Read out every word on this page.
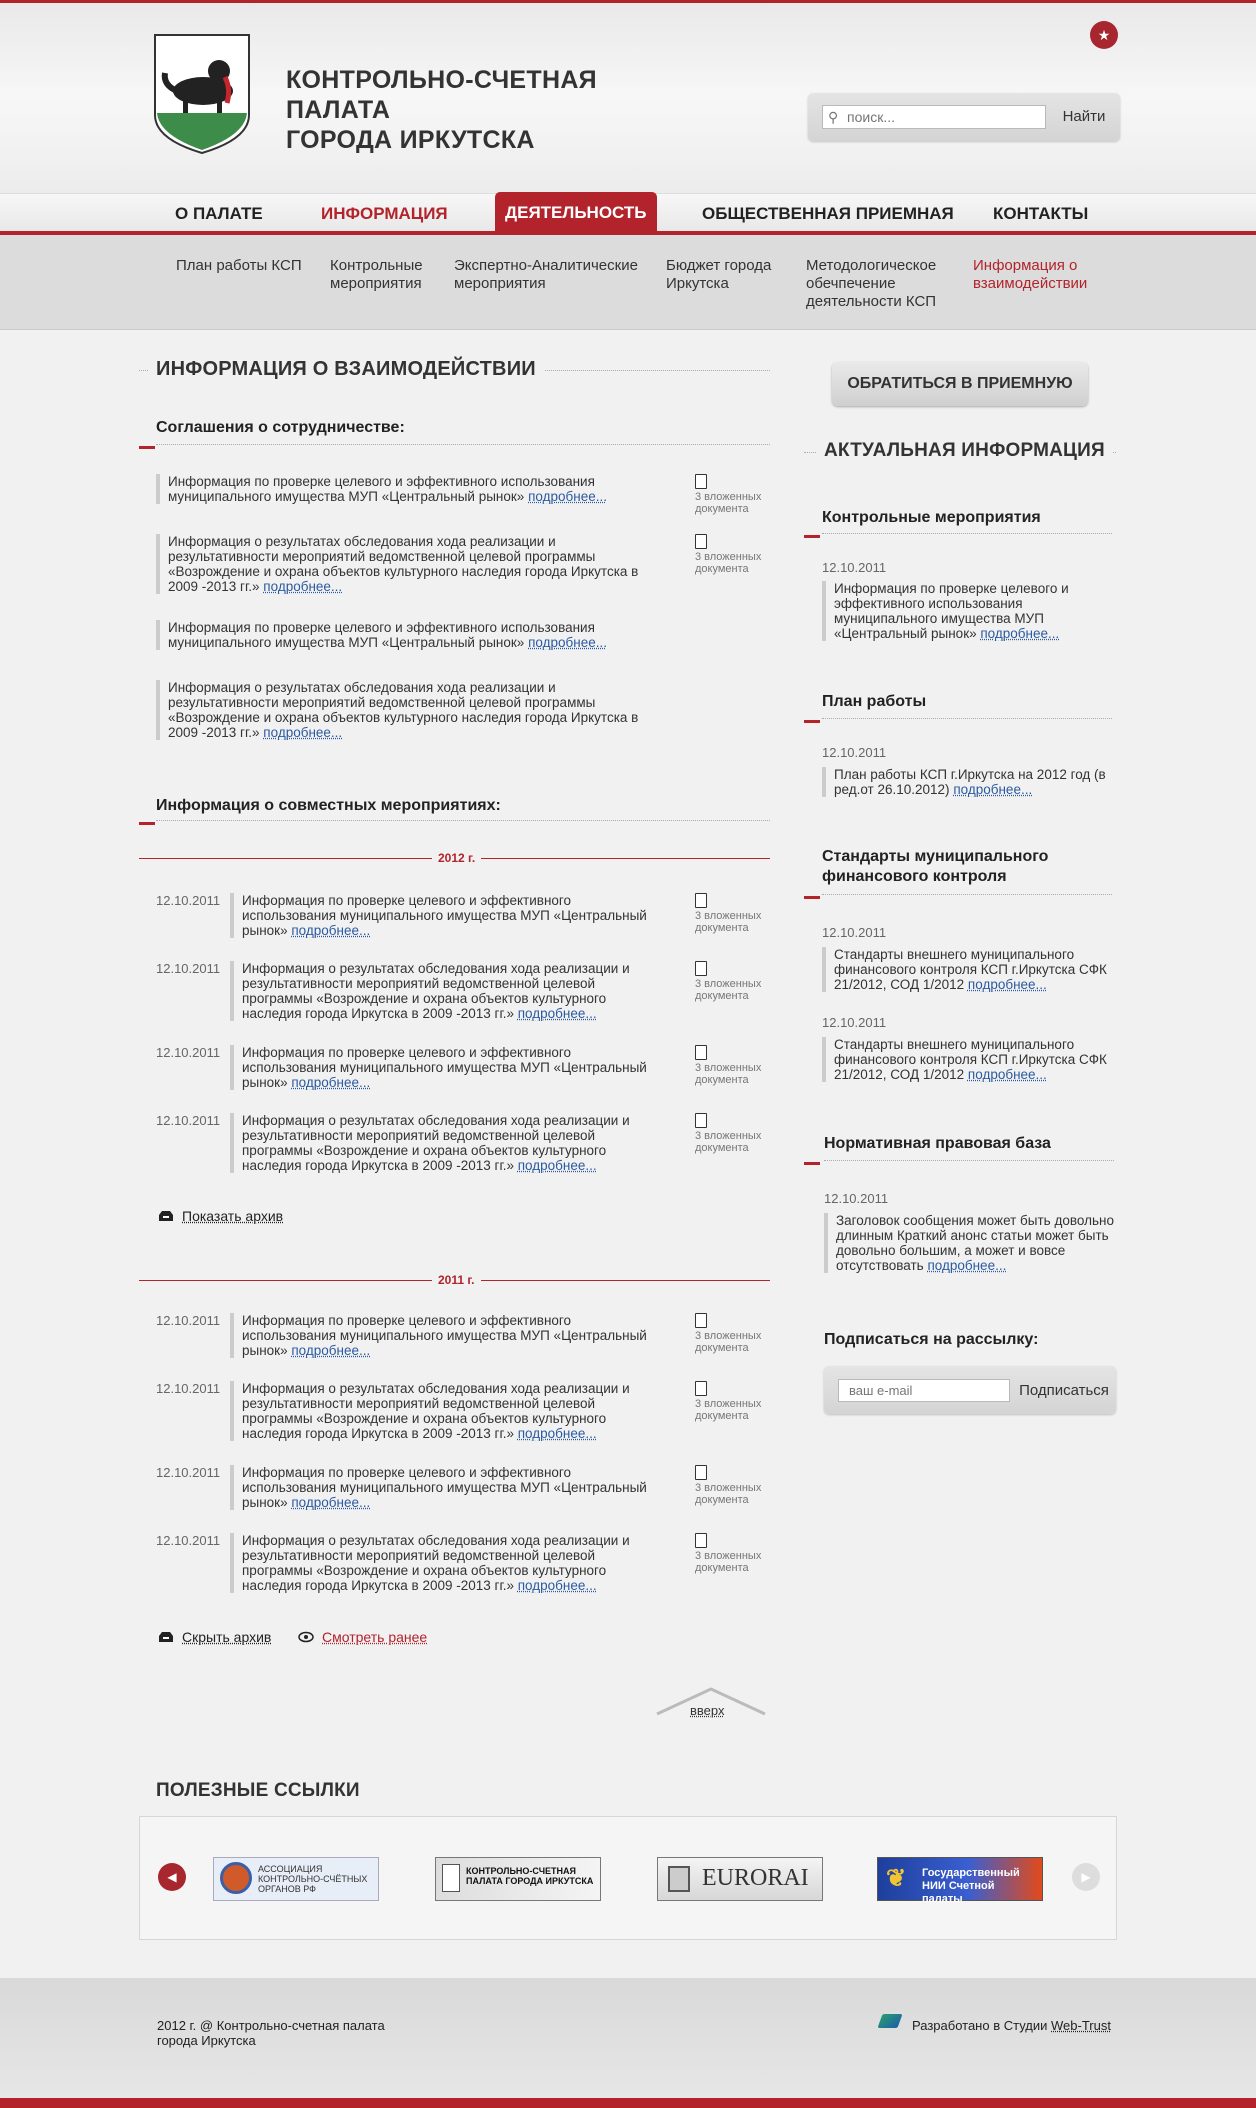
КОНТРОЛЬНО-СЧЕТНАЯ ПАЛАТА
ГОРОДА ИРКУТСКА
★
поиск...
⚲	Найти
О ПАЛАТЕ	ИНФОРМАЦИЯ	ДЕЯТЕЛЬНОСТЬ	ОБЩЕСТВЕННАЯ ПРИЕМНАЯ КОНТАКТЫ
План работы КСП Контрольные мероприятия
Экспертно-Аналитические мероприятия
Бюджет города Иркутска
Методологическое обечпечение деятельности КСП
Информация о взаимодействии
ИНФОРМАЦИЯ О ВЗАИМОДЕЙСТВИИ
Соглашения о сотрудничестве:
Информация по проверке целевого и эффективного использования муниципального имущества МУП «Центральный рынок» подробнее...	3 вложенных документа
Информация о результатах обследования хода реализации и результативности мероприятий ведомственной целевой программы «Возрождение и охрана объектов культурного наследия города Иркутска в 2009 -2013 гг.» подробнее...
3 вложенных документа
Информация по проверке целевого и эффективного использования муниципального имущества МУП «Центральный рынок» подробнее...
Информация о результатах обследования хода реализации и результативности мероприятий ведомственной целевой программы «Возрождение и охрана объектов культурного наследия города Иркутска в 2009 -2013 гг.» подробнее...
Информация о совместных мероприятиях:
2012 г.
12.10.2011	Информация по проверке целевого и эффективного использования муниципального имущества МУП «Центральный рынок» подробнее...
3 вложенных документа
12.10.2011	Информация о результатах обследования хода реализации и результативности мероприятий ведомственной целевой программы «Возрождение и охрана объектов культурного наследия города Иркутска в 2009 -2013 гг.» подробнее...
3 вложенных документа
12.10.2011	Информация по проверке целевого и эффективного использования муниципального имущества МУП «Центральный рынок» подробнее...
3 вложенных документа
12.10.2011	Информация о результатах обследования хода реализации и результативности мероприятий ведомственной целевой программы «Возрождение и охрана объектов культурного наследия города Иркутска в 2009 -2013 гг.» подробнее...
3 вложенных документа
Показать архив
2011 г.
12.10.2011	Информация по проверке целевого и эффективного использования муниципального имущества МУП «Центральный рынок» подробнее...
3 вложенных документа
12.10.2011	Информация о результатах обследования хода реализации и результативности мероприятий ведомственной целевой программы «Возрождение и охрана объектов культурного наследия города Иркутска в 2009 -2013 гг.» подробнее...
3 вложенных документа
12.10.2011	Информация по проверке целевого и эффективного использования муниципального имущества МУП «Центральный рынок» подробнее...
3 вложенных документа
12.10.2011	Информация о результатах обследования хода реализации и результативности мероприятий ведомственной целевой программы «Возрождение и охрана объектов культурного наследия города Иркутска в 2009 -2013 гг.» подробнее...
3 вложенных документа
Скрыть архив	Смотреть ранее
вверх
ОБРАТИТЬСЯ В ПРИЕМНУЮ
АКТУАЛЬНАЯ ИНФОРМАЦИЯ
Контрольные мероприятия
12.10.2011
Информация по проверке целевого и эффективного использования муниципального имущества МУП «Центральный рынок» подробнее...
План работы
12.10.2011
План работы КСП г.Иркутска на 2012 год (в ред.от 26.10.2012) подробнее...
Стандарты муниципального финансового контроля
12.10.2011
Стандарты внешнего муниципального финансового контроля КСП г.Иркутска СФК 21/2012, СОД 1/2012 подробнее...
12.10.2011
Стандарты внешнего муниципального финансового контроля КСП г.Иркутска СФК 21/2012, СОД 1/2012 подробнее...
Нормативная правовая база
12.10.2011
Заголовок сообщения может быть довольно длинным Краткий анонс статьи может быть довольно большим, а может и вовсе отсутствовать подробнее...
Подписаться на рассылку:
ваш e-mail
Подписаться
ПОЛЕЗНЫЕ ССЫЛКИ
◀
АССОЦИАЦИЯ КОНТРОЛЬНО-СЧЁТНЫХ ОРГАНОВ РФ
КОНТРОЛЬНО-СЧЕТНАЯ ПАЛАТА ГОРОДА ИРКУТСКА	EURORAI	❦	Государственный НИИ Счетной палаты
▶
2012 г. @ Контрольно-счетная палата
города Иркутска
Разработано в Студии Web-Trust
